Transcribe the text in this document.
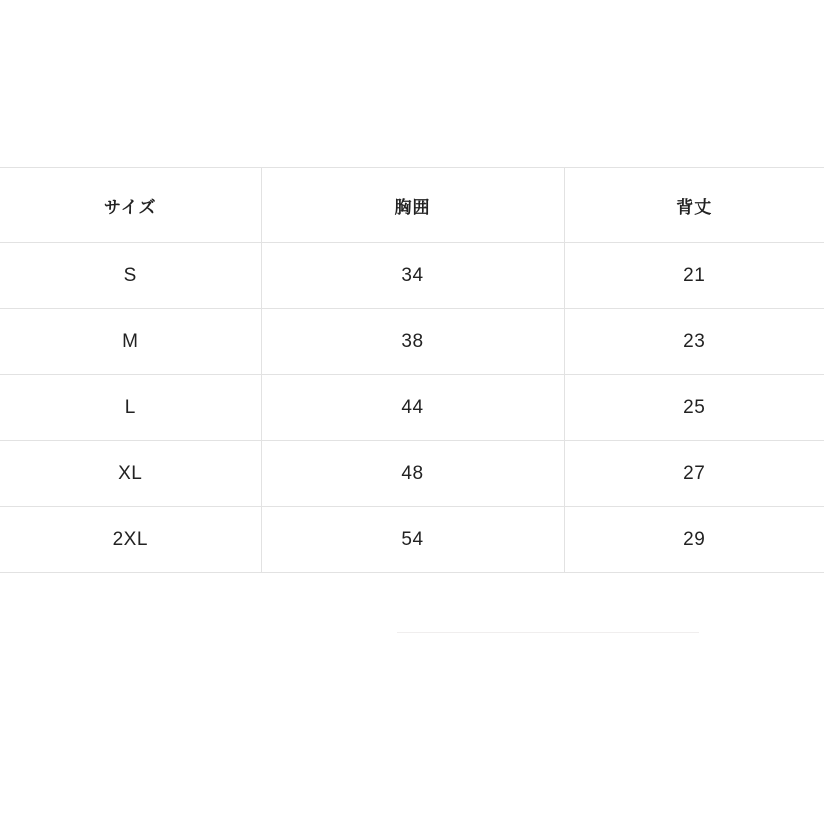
サイズ	胸囲	背丈
S	34	21
M	38	23
L	44	25
XL	48	27
2XL	54	29
